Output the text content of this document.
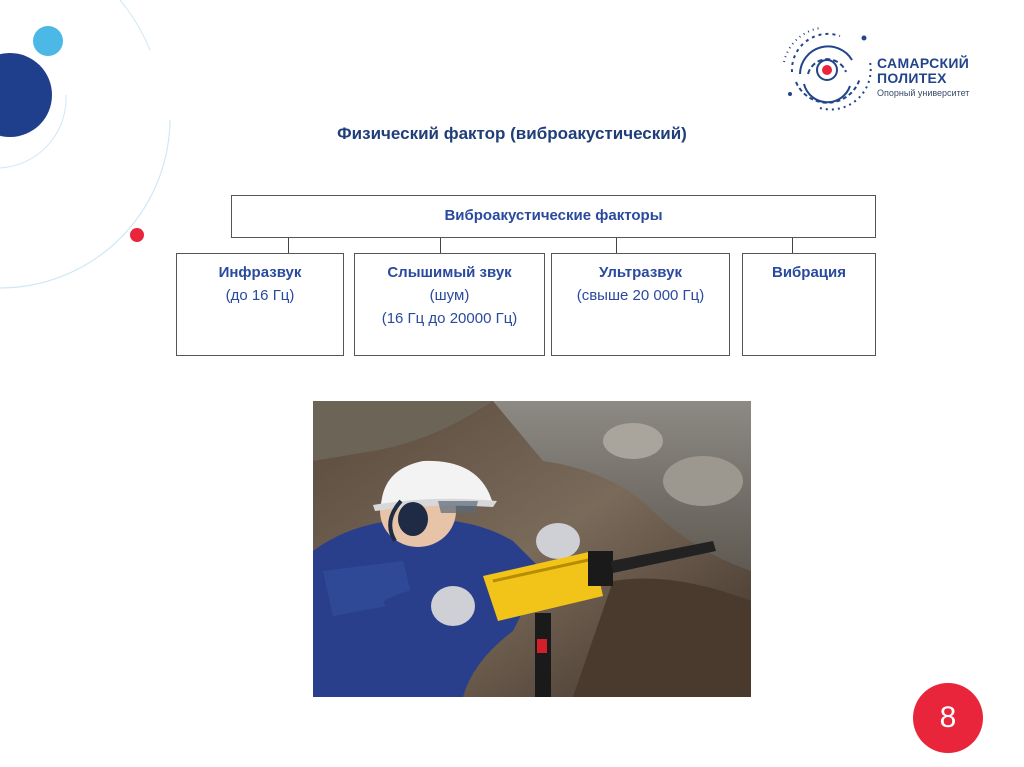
САМАРСКИЙ
ПОЛИТЕХ
Опорный университет
Физический фактор (виброакустический)
Виброакустические факторы
Инфразвук
(до 16 Гц)
Слышимый звук
(шум)
(16 Гц до 20000 Гц)
Ультразвук
(свыше 20 000 Гц)
Вибрация
8
